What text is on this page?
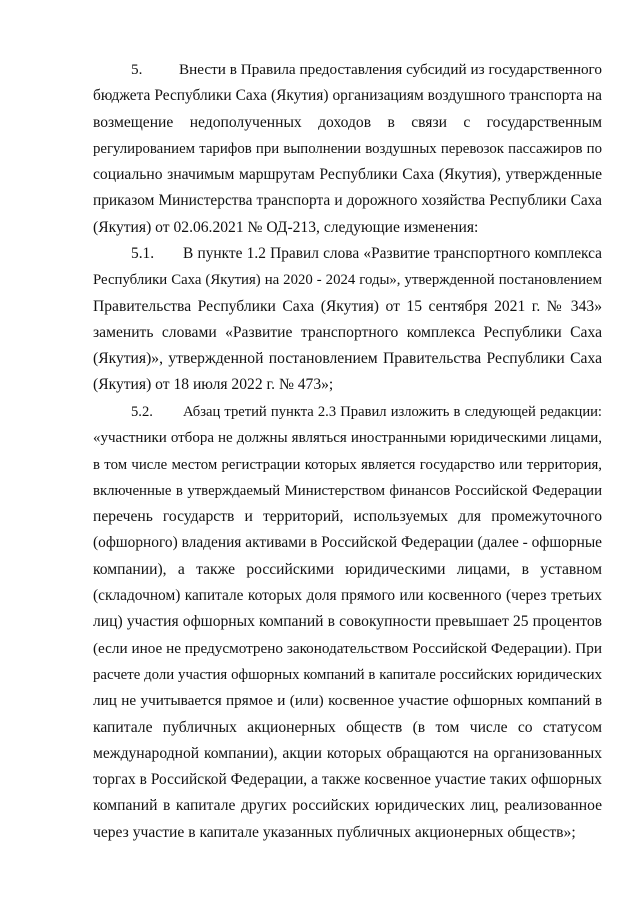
5. Внести в Правила предоставления субсидий из государственного
бюджета Республики Саха (Якутия) организациям воздушного транспорта на
возмещение недополученных доходов в связи с государственным
регулированием тарифов при выполнении воздушных перевозок пассажиров по
социально значимым маршрутам Республики Саха (Якутия), утвержденные
приказом Министерства транспорта и дорожного хозяйства Республики Саха
(Якутия) от 02.06.2021 № ОД-213, следующие изменения:
5.1. В пункте 1.2 Правил слова «Развитие транспортного комплекса
Республики Саха (Якутия) на 2020 - 2024 годы», утвержденной постановлением
Правительства Республики Саха (Якутия) от 15 сентября 2021 г. № 343»
заменить словами «Развитие транспортного комплекса Республики Саха
(Якутия)», утвержденной постановлением Правительства Республики Саха
(Якутия) от 18 июля 2022 г. № 473»;
5.2. Абзац третий пункта 2.3 Правил изложить в следующей редакции:
«участники отбора не должны являться иностранными юридическими лицами,
в том числе местом регистрации которых является государство или территория,
включенные в утверждаемый Министерством финансов Российской Федерации
перечень государств и территорий, используемых для промежуточного
(офшорного) владения активами в Российской Федерации (далее - офшорные
компании), а также российскими юридическими лицами, в уставном
(складочном) капитале которых доля прямого или косвенного (через третьих
лиц) участия офшорных компаний в совокупности превышает 25 процентов
(если иное не предусмотрено законодательством Российской Федерации). При
расчете доли участия офшорных компаний в капитале российских юридических
лиц не учитывается прямое и (или) косвенное участие офшорных компаний в
капитале публичных акционерных обществ (в том числе со статусом
международной компании), акции которых обращаются на организованных
торгах в Российской Федерации, а также косвенное участие таких офшорных
компаний в капитале других российских юридических лиц, реализованное
через участие в капитале указанных публичных акционерных обществ»;
